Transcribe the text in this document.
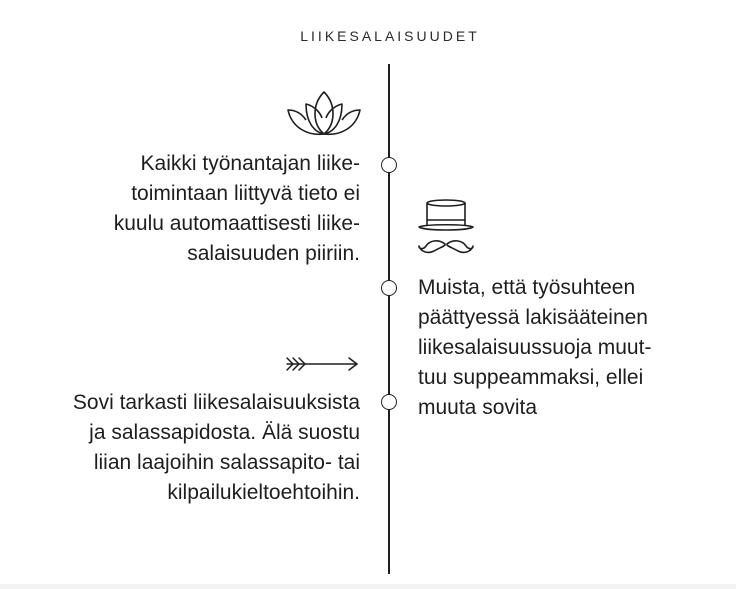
LIIKESALAISUUDET
Kaikki työnantajan liike-
toimintaan liittyvä tieto ei
kuulu automaattisesti liike-
salaisuuden piiriin.
Muista, että työsuhteen
päättyessä lakisääteinen
liikesalaisuussuoja muut-
tuu suppeammaksi, ellei
muuta sovita
Sovi tarkasti liikesalaisuuksista
ja salassapidosta. Älä suostu
liian laajoihin salassapito- tai
kilpailukieltoehtoihin.
